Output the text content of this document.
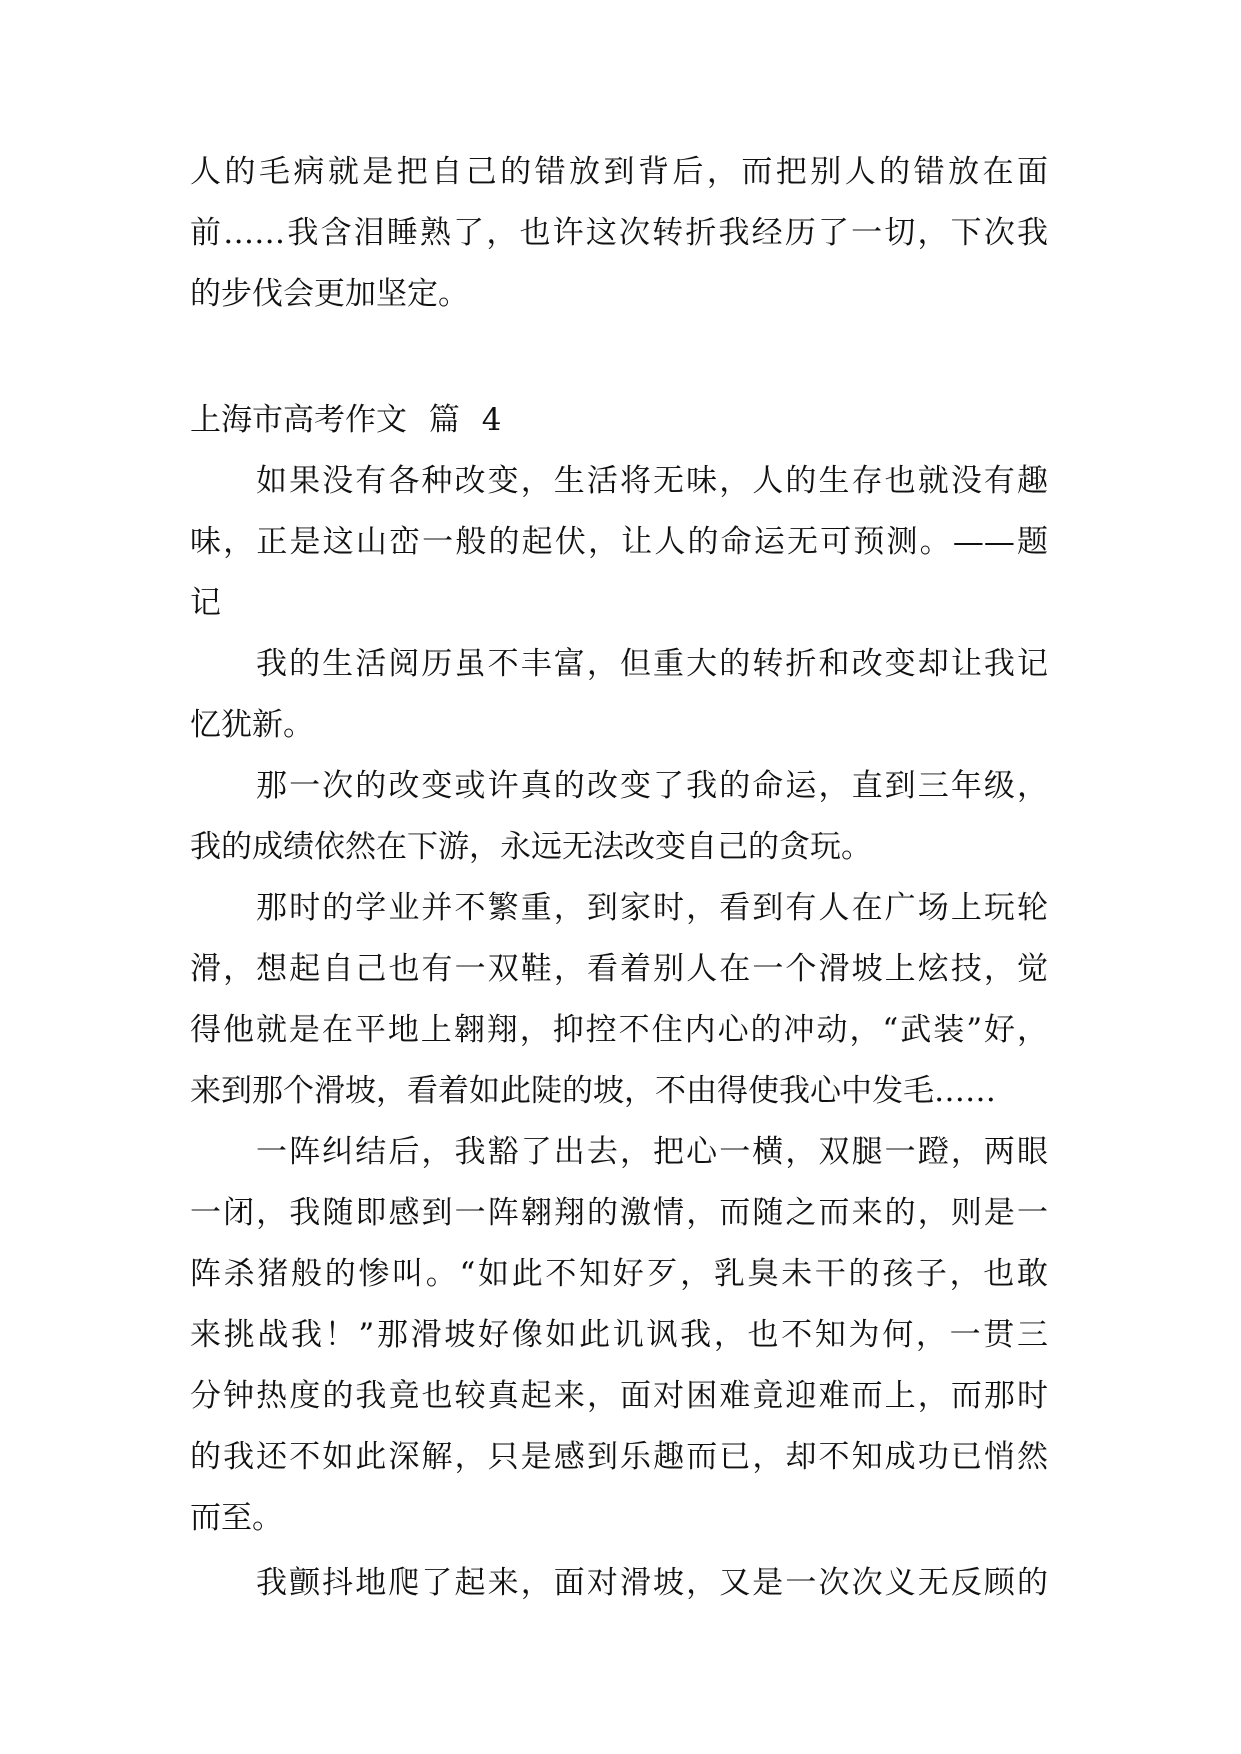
人的毛病就是把自己的错放到背后，而把别人的错放在面
前……我含泪睡熟了，也许这次转折我经历了一切，下次我
的步伐会更加坚定。
上海市高考作文 篇 4
如果没有各种改变，生活将无味，人的生存也就没有趣
味，正是这山峦一般的起伏，让人的命运无可预测。——题
记
我的生活阅历虽不丰富，但重大的转折和改变却让我记
忆犹新。
那一次的改变或许真的改变了我的命运，直到三年级，
我的成绩依然在下游，永远无法改变自己的贪玩。
那时的学业并不繁重，到家时，看到有人在广场上玩轮
滑，想起自己也有一双鞋，看着别人在一个滑坡上炫技，觉
得他就是在平地上翱翔，抑控不住内心的冲动，“武装”好，
来到那个滑坡，看着如此陡的坡，不由得使我心中发毛……
一阵纠结后，我豁了出去，把心一横，双腿一蹬，两眼
一闭，我随即感到一阵翱翔的激情，而随之而来的，则是一
阵杀猪般的惨叫。“如此不知好歹，乳臭未干的孩子，也敢
来挑战我！”那滑坡好像如此讥讽我，也不知为何，一贯三
分钟热度的我竟也较真起来，面对困难竟迎难而上，而那时
的我还不如此深解，只是感到乐趣而已，却不知成功已悄然
而至。
我颤抖地爬了起来，面对滑坡，又是一次次义无反顾的
